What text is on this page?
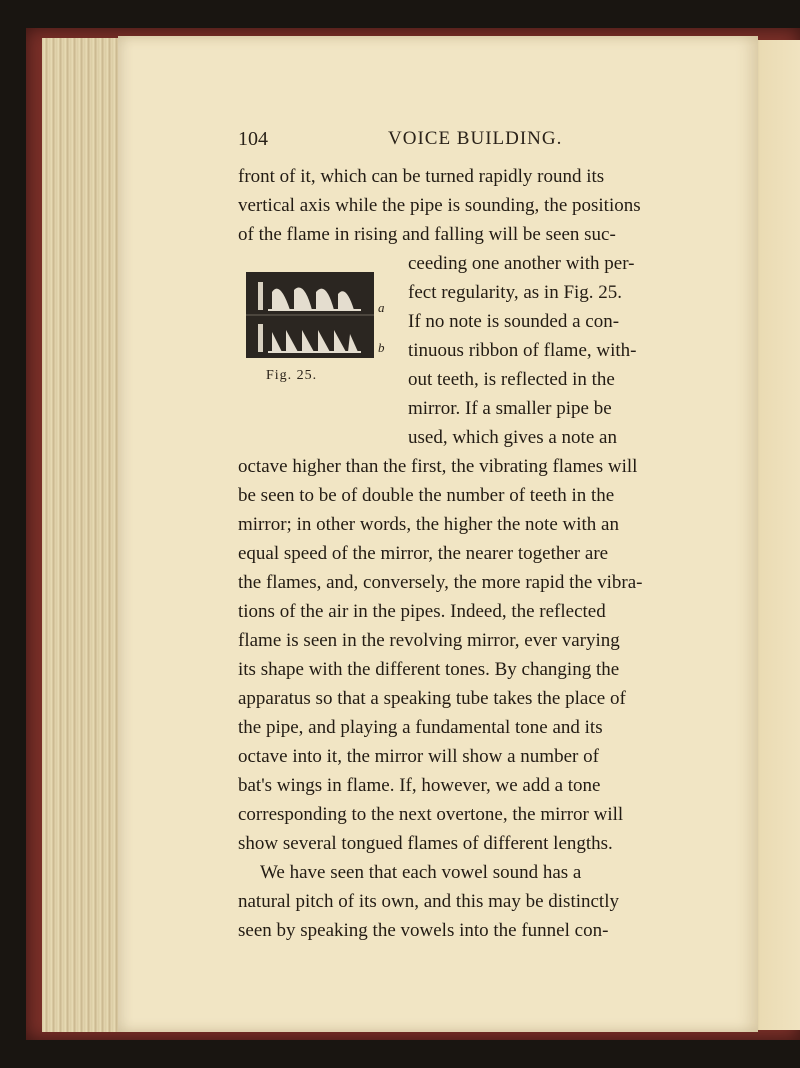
104	VOICE BUILDING.
a
b
Fig. 25.
front of it, which can be turned rapidly round its
vertical axis while the pipe is sounding, the positions
of the flame in rising and falling will be seen suc-
ceeding one another with per-
fect regularity, as in Fig. 25.
If no note is sounded a con-
tinuous ribbon of flame, with-
out teeth, is reflected in the
mirror. If a smaller pipe be
used, which gives a note an
octave higher than the first, the vibrating flames will
be seen to be of double the number of teeth in the
mirror; in other words, the higher the note with an
equal speed of the mirror, the nearer together are
the flames, and, conversely, the more rapid the vibra-
tions of the air in the pipes. Indeed, the reflected
flame is seen in the revolving mirror, ever varying
its shape with the different tones. By changing the
apparatus so that a speaking tube takes the place of
the pipe, and playing a fundamental tone and its
octave into it, the mirror will show a number of
bat's wings in flame. If, however, we add a tone
corresponding to the next overtone, the mirror will
show several tongued flames of different lengths.
We have seen that each vowel sound has a
natural pitch of its own, and this may be distinctly
seen by speaking the vowels into the funnel con-
